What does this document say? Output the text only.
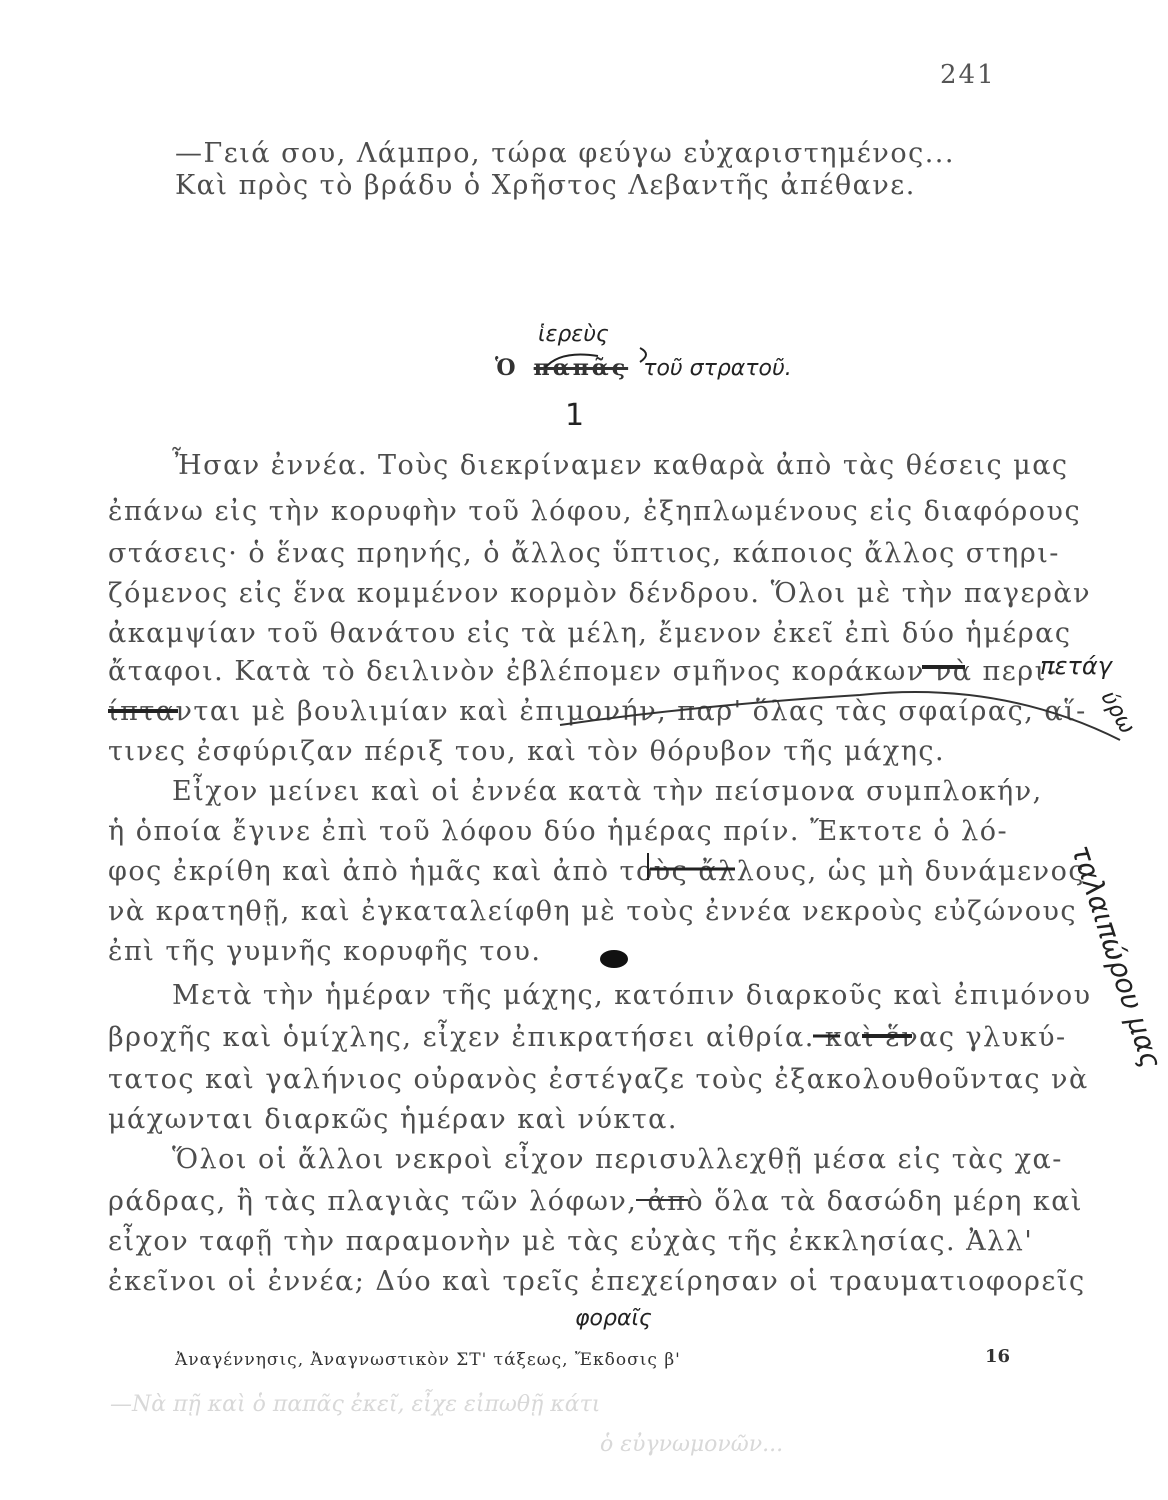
241
—Γειά σου, Λάμπρο, τώρα φεύγω εὐχαριστημένος...
Καὶ πρὸς τὸ βράδυ ὁ Χρῆστος Λεβαντῆς ἀπέθανε.
Ὁ παπᾶς τοῦ στρατοῦ.
ἱερεὺς
1
Ἦσαν ἐννέα. Τοὺς διεκρίναμεν καθαρὰ ἀπὸ τὰς θέσεις μας
ἐπάνω εἰς τὴν κορυφὴν τοῦ λόφου, ἐξηπλωμένους εἰς διαφόρους
στάσεις· ὁ ἕνας πρηνής, ὁ ἄλλος ὕπτιος, κάποιος ἄλλος στηρι-
ζόμενος εἰς ἕνα κομμένον κορμὸν δένδρου. Ὅλοι μὲ τὴν παγερὰν
ἀκαμψίαν τοῦ θανάτου εἰς τὰ μέλη, ἔμενον ἐκεῖ ἐπὶ δύο ἡμέρας
ἄταφοι. Κατὰ τὸ δειλινὸν ἐβλέπομεν σμῆνος κοράκων νὰ περι-
ίπτανται μὲ βουλιμίαν καὶ ἐπιμονήν, παρ' ὅλας τὰς σφαίρας, αἵ-
τινες ἐσφύριζαν πέριξ του, καὶ τὸν θόρυβον τῆς μάχης.
Εἶχον μείνει καὶ οἱ ἐννέα κατὰ τὴν πείσμονα συμπλοκήν,
ἡ ὁποία ἔγινε ἐπὶ τοῦ λόφου δύο ἡμέρας πρίν. Ἔκτοτε ὁ λό-
φος ἐκρίθη καὶ ἀπὸ ἡμᾶς καὶ ἀπὸ τοὺς ἄλλους, ὡς μὴ δυνάμενος
νὰ κρατηθῇ, καὶ ἐγκαταλείφθη μὲ τοὺς ἐννέα νεκροὺς εὐζώνους
ἐπὶ τῆς γυμνῆς κορυφῆς του.
Μετὰ τὴν ἡμέραν τῆς μάχης, κατόπιν διαρκοῦς καὶ ἐπιμόνου
βροχῆς καὶ ὁμίχλης, εἶχεν ἐπικρατήσει αἰθρία. καὶ ἕνας γλυκύ-
τατος καὶ γαλήνιος οὐρανὸς ἐστέγαζε τοὺς ἐξακολουθοῦντας νὰ
μάχωνται διαρκῶς ἡμέραν καὶ νύκτα.
Ὅλοι οἱ ἄλλοι νεκροὶ εἶχον περισυλλεχθῇ μέσα εἰς τὰς χα-
ράδρας, ἢ τὰς πλαγιὰς τῶν λόφων, ἀπὸ ὅλα τὰ δασώδη μέρη καὶ
εἶχον ταφῇ τὴν παραμονὴν μὲ τὰς εὐχὰς τῆς ἐκκλησίας. Ἀλλ'
ἐκεῖνοι οἱ ἐννέα; Δύο καὶ τρεῖς ἐπεχείρησαν οἱ τραυματιοφορεῖς
πετάγ
ύρω
ταλαιπώρου μας
φοραῖς
Ἀναγέννησις, Ἀναγνωστικὸν ΣΤ' τάξεως, Ἔκδοσις β'	16
—Νὰ πῇ καὶ ὁ παπᾶς ἐκεῖ, εἶχε εἰπωθῇ κάτι
ὁ εὐγνωμονῶν...
